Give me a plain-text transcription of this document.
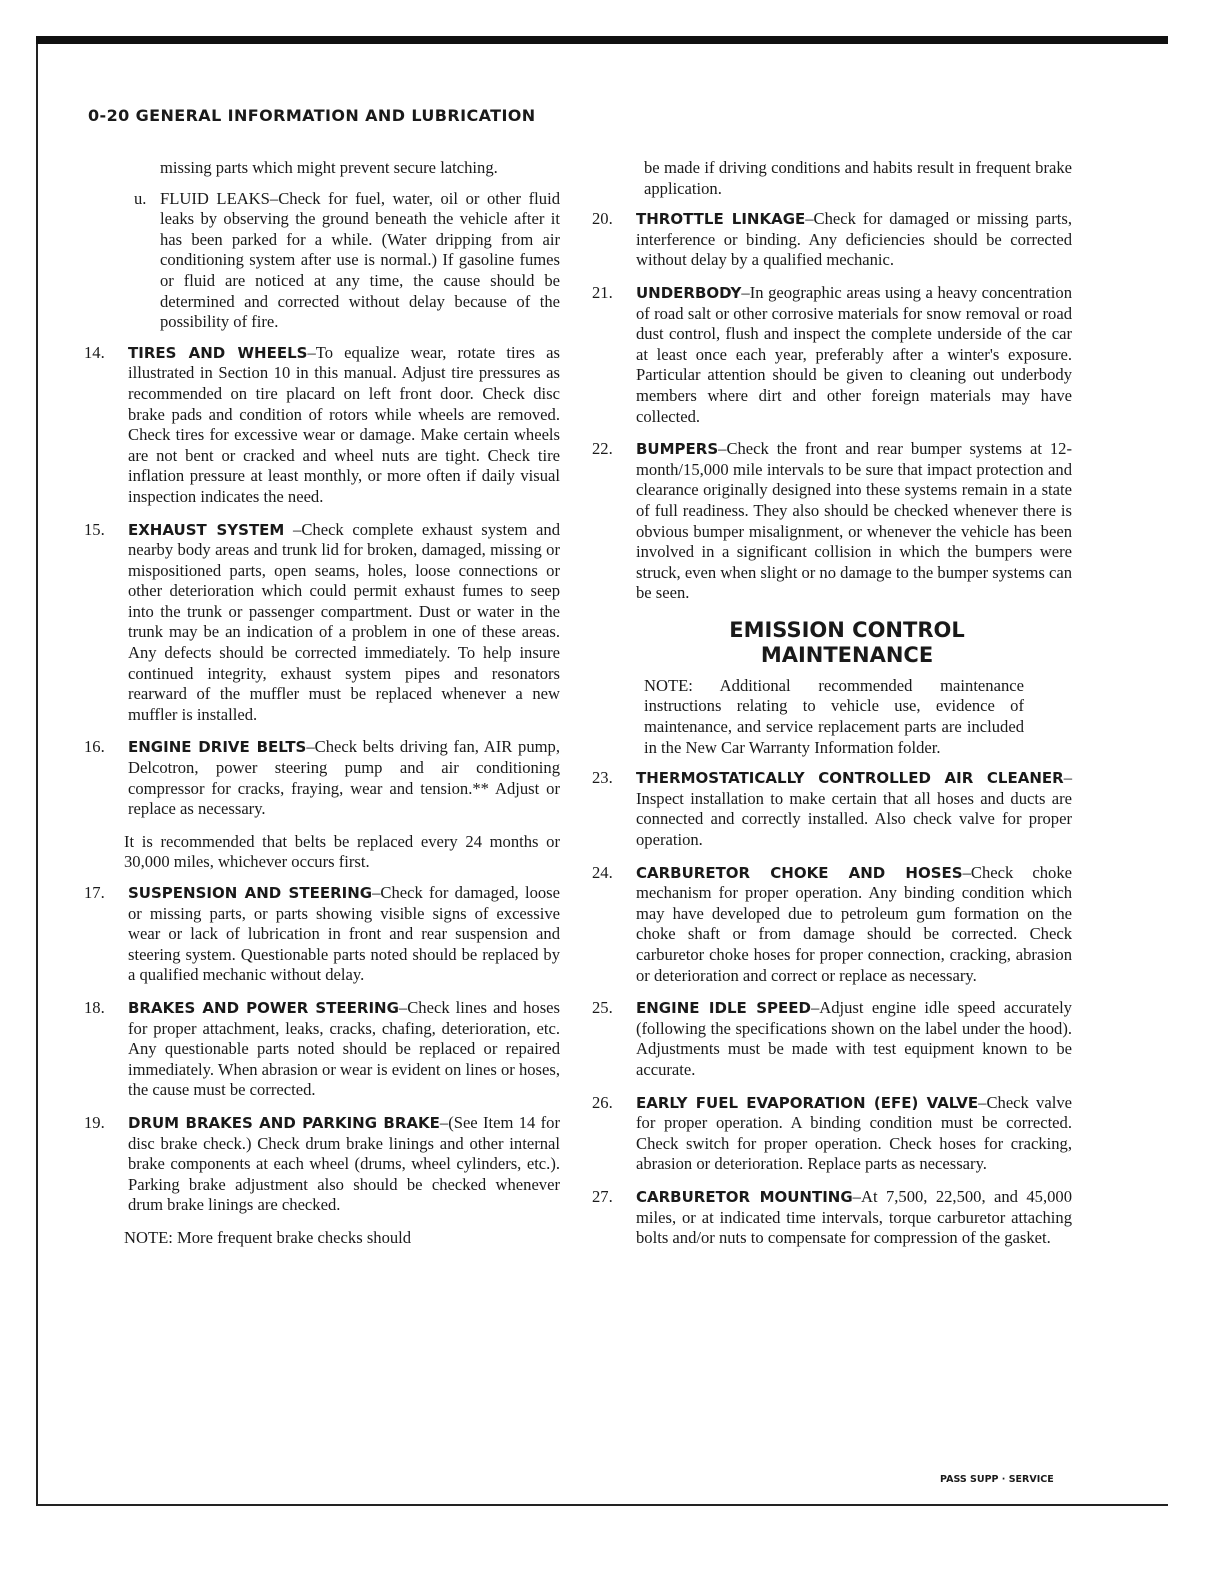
0-20 GENERAL INFORMATION AND LUBRICATION
missing parts which might prevent secure latching.
u. FLUID LEAKS–Check for fuel, water, oil or other fluid leaks by observing the ground beneath the vehicle after it has been parked for a while. (Water dripping from air conditioning system after use is normal.) If gasoline fumes or fluid are noticed at any time, the cause should be determined and corrected without delay because of the possibility of fire.
14.	TIRES AND WHEELS–To equalize wear, rotate tires as illustrated in Section 10 in this manual. Adjust tire pressures as recommended on tire placard on left front door. Check disc brake pads and condition of rotors while wheels are removed. Check tires for excessive wear or damage. Make certain wheels are not bent or cracked and wheel nuts are tight. Check tire inflation pressure at least monthly, or more often if daily visual inspection indicates the need.
15.	EXHAUST SYSTEM –Check complete exhaust system and nearby body areas and trunk lid for broken, damaged, missing or mispositioned parts, open seams, holes, loose connections or other deterioration which could permit exhaust fumes to seep into the trunk or passenger compartment. Dust or water in the trunk may be an indication of a problem in one of these areas. Any defects should be corrected immediately. To help insure continued integrity, exhaust system pipes and resonators rearward of the muffler must be replaced whenever a new muffler is installed.
16.	ENGINE DRIVE BELTS–Check belts driving fan, AIR pump, Delcotron, power steering pump and air conditioning compressor for cracks, fraying, wear and tension.** Adjust or replace as necessary.
It is recommended that belts be replaced every 24 months or 30,000 miles, whichever occurs first.
17.	SUSPENSION AND STEERING–Check for damaged, loose or missing parts, or parts showing visible signs of excessive wear or lack of lubrication in front and rear suspension and steering system. Questionable parts noted should be replaced by a qualified mechanic without delay.
18.	BRAKES AND POWER STEERING–Check lines and hoses for proper attachment, leaks, cracks, chafing, deterioration, etc. Any questionable parts noted should be replaced or repaired immediately. When abrasion or wear is evident on lines or hoses, the cause must be corrected.
19.	DRUM BRAKES AND PARKING BRAKE–(See Item 14 for disc brake check.) Check drum brake linings and other internal brake components at each wheel (drums, wheel cylinders, etc.). Parking brake adjustment also should be checked whenever drum brake linings are checked.
NOTE: More frequent brake checks should
be made if driving conditions and habits result in frequent brake application.
20.	THROTTLE LINKAGE–Check for damaged or missing parts, interference or binding. Any deficiencies should be corrected without delay by a qualified mechanic.
21.	UNDERBODY–In geographic areas using a heavy concentration of road salt or other corrosive materials for snow removal or road dust control, flush and inspect the complete underside of the car at least once each year, preferably after a winter's exposure. Particular attention should be given to cleaning out underbody members where dirt and other foreign materials may have collected.
22.	BUMPERS–Check the front and rear bumper systems at 12-month/15,000 mile intervals to be sure that impact protection and clearance originally designed into these systems remain in a state of full readiness. They also should be checked whenever there is obvious bumper misalignment, or whenever the vehicle has been involved in a significant collision in which the bumpers were struck, even when slight or no damage to the bumper systems can be seen.
EMISSION CONTROL
MAINTENANCE
NOTE: Additional recommended maintenance instructions relating to vehicle use, evidence of maintenance, and service replacement parts are included in the New Car Warranty Information folder.
23.	THERMOSTATICALLY CONTROLLED AIR CLEANER–Inspect installation to make certain that all hoses and ducts are connected and correctly installed. Also check valve for proper operation.
24.	CARBURETOR CHOKE AND HOSES–Check choke mechanism for proper operation. Any binding condition which may have developed due to petroleum gum formation on the choke shaft or from damage should be corrected. Check carburetor choke hoses for proper connection, cracking, abrasion or deterioration and correct or replace as necessary.
25.	ENGINE IDLE SPEED–Adjust engine idle speed accurately (following the specifications shown on the label under the hood). Adjustments must be made with test equipment known to be accurate.
26.	EARLY FUEL EVAPORATION (EFE) VALVE–Check valve for proper operation. A binding condition must be corrected. Check switch for proper operation. Check hoses for cracking, abrasion or deterioration. Replace parts as necessary.
27.	CARBURETOR MOUNTING–At 7,500, 22,500, and 45,000 miles, or at indicated time intervals, torque carburetor attaching bolts and/or nuts to compensate for compression of the gasket.
PASS SUPP · SERVICE
